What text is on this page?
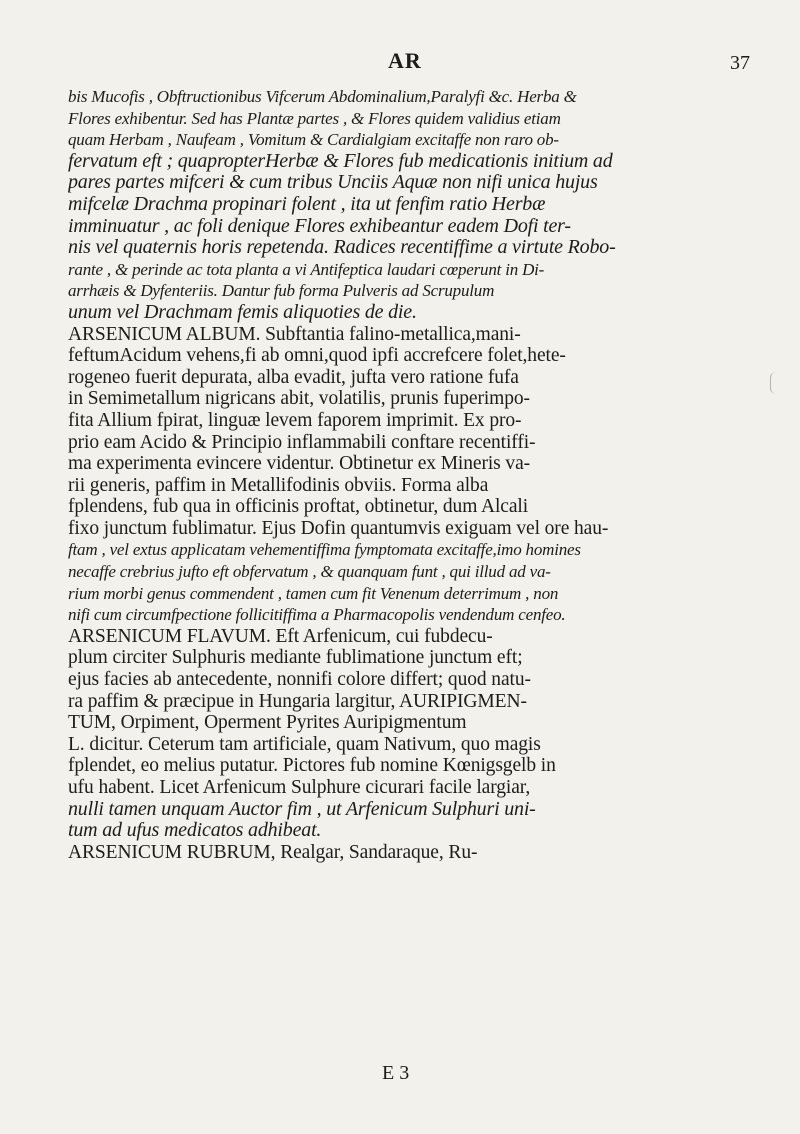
AR	37
bis Mucofis , Obftructionibus Vifcerum Abdominalium,Paralyfi &c. Herba &
Flores exhibentur. Sed has Plantæ partes , & Flores quidem validius etiam
quam Herbam , Naufeam , Vomitum & Cardialgiam excitaffe non raro ob-
fervatum eft ; quapropterHerbæ & Flores fub medicationis initium ad
pares partes mifceri & cum tribus Unciis Aquæ non nifi unica hujus
mifcelæ Drachma propinari folent , ita ut fenfim ratio Herbæ
imminuatur , ac foli denique Flores exhibeantur eadem Dofi ter-
nis vel quaternis horis repetenda. Radices recentiffime a virtute Robo-
rante , & perinde ac tota planta a vi Antifeptica laudari cœperunt in Di-
arrhæis & Dyfenteriis. Dantur fub forma Pulveris ad Scrupulum
unum vel Drachmam femis aliquoties de die.
ARSENICUM ALBUM. Subftantia falino-metallica,mani-
feftumAcidum vehens,fi ab omni,quod ipfi accrefcere folet,hete-
rogeneo fuerit depurata, alba evadit, jufta vero ratione fufa
in Semimetallum nigricans abit, volatilis, prunis fuperimpo-
fita Allium fpirat, linguæ levem faporem imprimit. Ex pro-
prio eam Acido & Principio inflammabili conftare recentiffi-
ma experimenta evincere videntur. Obtinetur ex Mineris va-
rii generis, paffim in Metallifodinis obviis. Forma alba
fplendens, fub qua in officinis proftat, obtinetur, dum Alcali
fixo junctum fublimatur. Ejus Dofin quantumvis exiguam vel ore hau-
ftam , vel extus applicatam vehementiffima fymptomata excitaffe,imo homines
necaffe crebrius jufto eft obfervatum , & quanquam funt , qui illud ad va-
rium morbi genus commendent , tamen cum fit Venenum deterrimum , non
nifi cum circumfpectione follicitiffima a Pharmacopolis vendendum cenfeo.
ARSENICUM FLAVUM. Eft Arfenicum, cui fubdecu-
plum circiter Sulphuris mediante fublimatione junctum eft;
ejus facies ab antecedente, nonnifi colore differt; quod natu-
ra paffim & præcipue in Hungaria largitur, AURIPIGMEN-
TUM, Orpiment, Operment Pyrites Auripigmentum
L. dicitur. Ceterum tam artificiale, quam Nativum, quo magis
fplendet, eo melius putatur. Pictores fub nomine Kœnigsgelb in
ufu habent. Licet Arfenicum Sulphure cicurari facile largiar,
nulli tamen unquam Auctor fim , ut Arfenicum Sulphuri uni-
tum ad ufus medicatos adhibeat.
ARSENICUM RUBRUM, Realgar, Sandaraque, Ru-
E 3
